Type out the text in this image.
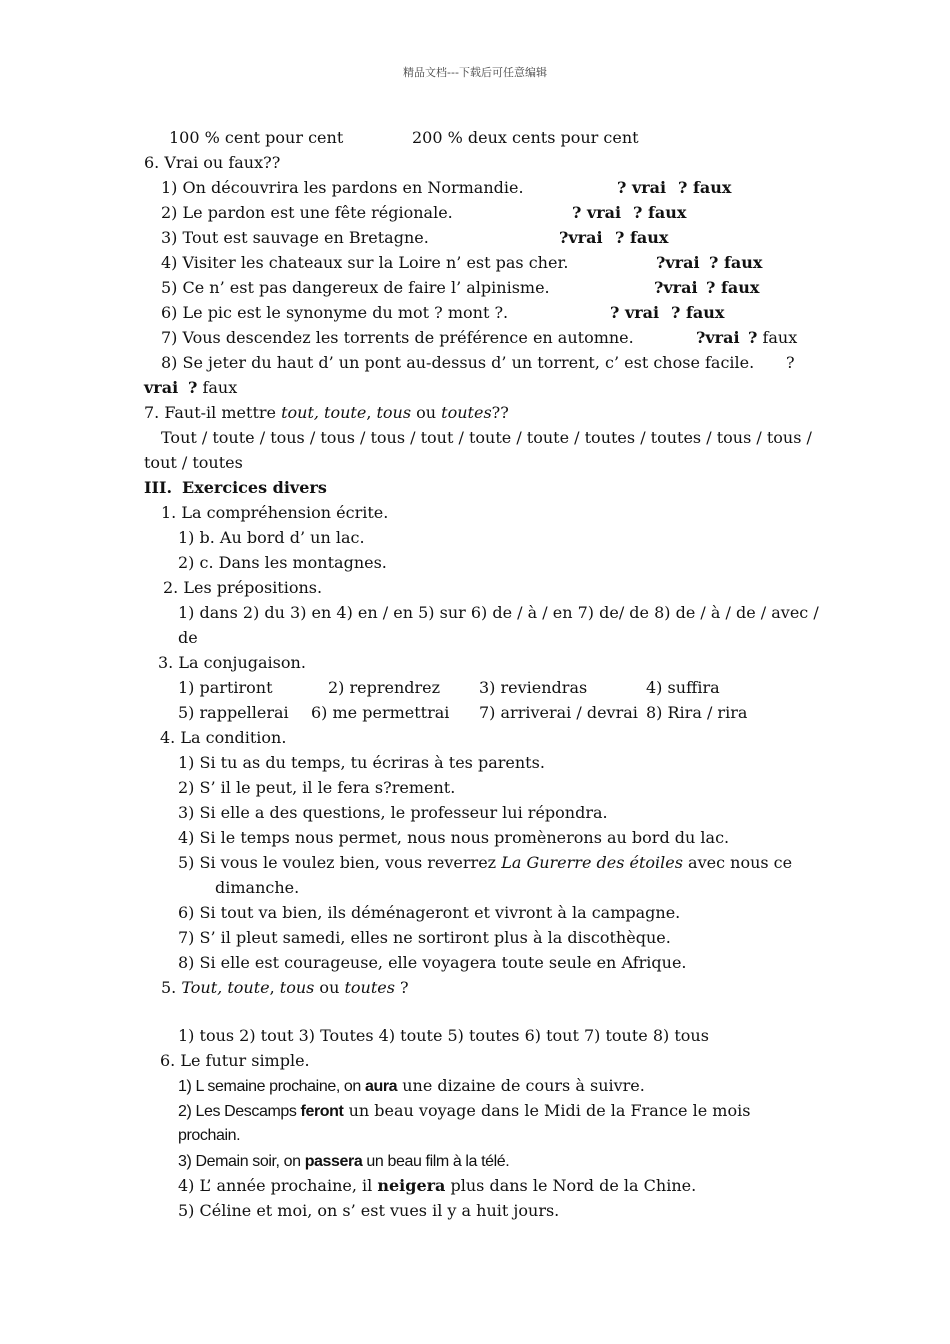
精品文档---下载后可任意编辑
100 % cent pour cent	200 % deux cents pour cent
6. Vrai ou faux??
1) On découvrira les pardons en Normandie.	? vrai ? faux
2) Le pardon est une fête régionale.	? vrai ? faux
3) Tout est sauvage en Bretagne.	?vrai ? faux
4) Visiter les chateaux sur la Loire n’ est pas cher.	?vrai ? faux
5) Ce n’ est pas dangereux de faire l’ alpinisme.	?vrai ? faux
6) Le pic est le synonyme du mot ? mont ?.	? vrai ? faux
7) Vous descendez les torrents de préférence en automne.	?vrai ? faux
8) Se jeter du haut d’ un pont au-dessus d’ un torrent, c’ est chose facile. ?
vrai ? faux
7. Faut-il mettre tout, toute, tous ou toutes??
Tout / toute / tous / tous / tous / tout / toute / toute / toutes / toutes / tous / tous /
tout / toutes
III. Exercices divers
1. La compréhension écrite.
1) b. Au bord d’ un lac.
2) c. Dans les montagnes.
2. Les prépositions.
1) dans 2) du 3) en 4) en / en 5) sur 6) de / à / en 7) de/ de 8) de / à / de / avec /
de
3. La conjugaison.
1) partiront	2) reprendrez 3) reviendras	4) suffira
5) rappellerai 6) me permettrai 7) arriverai / devrai 8) Rira / rira
4. La condition.
1) Si tu as du temps, tu écriras à tes parents.
2) S’ il le peut, il le fera s?rement.
3) Si elle a des questions, le professeur lui répondra.
4) Si le temps nous permet, nous nous promènerons au bord du lac.
5) Si vous le voulez bien, vous reverrez La Gurerre des étoiles avec nous ce
dimanche.
6) Si tout va bien, ils déménageront et vivront à la campagne.
7) S’ il pleut samedi, elles ne sortiront plus à la discothèque.
8) Si elle est courageuse, elle voyagera toute seule en Afrique.
5. Tout, toute, tous ou toutes ?
1) tous 2) tout 3) Toutes 4) toute 5) toutes 6) tout 7) toute 8) tous
6. Le futur simple.
1) L semaine prochaine, on aura une dizaine de cours à suivre.
2) Les Descamps feront un beau voyage dans le Midi de la France le mois
prochain.
3) Demain soir, on passera un beau film à la télé.
4) L’ année prochaine, il neigera plus dans le Nord de la Chine.
5) Céline et moi, on s’ est vues il y a huit jours.
